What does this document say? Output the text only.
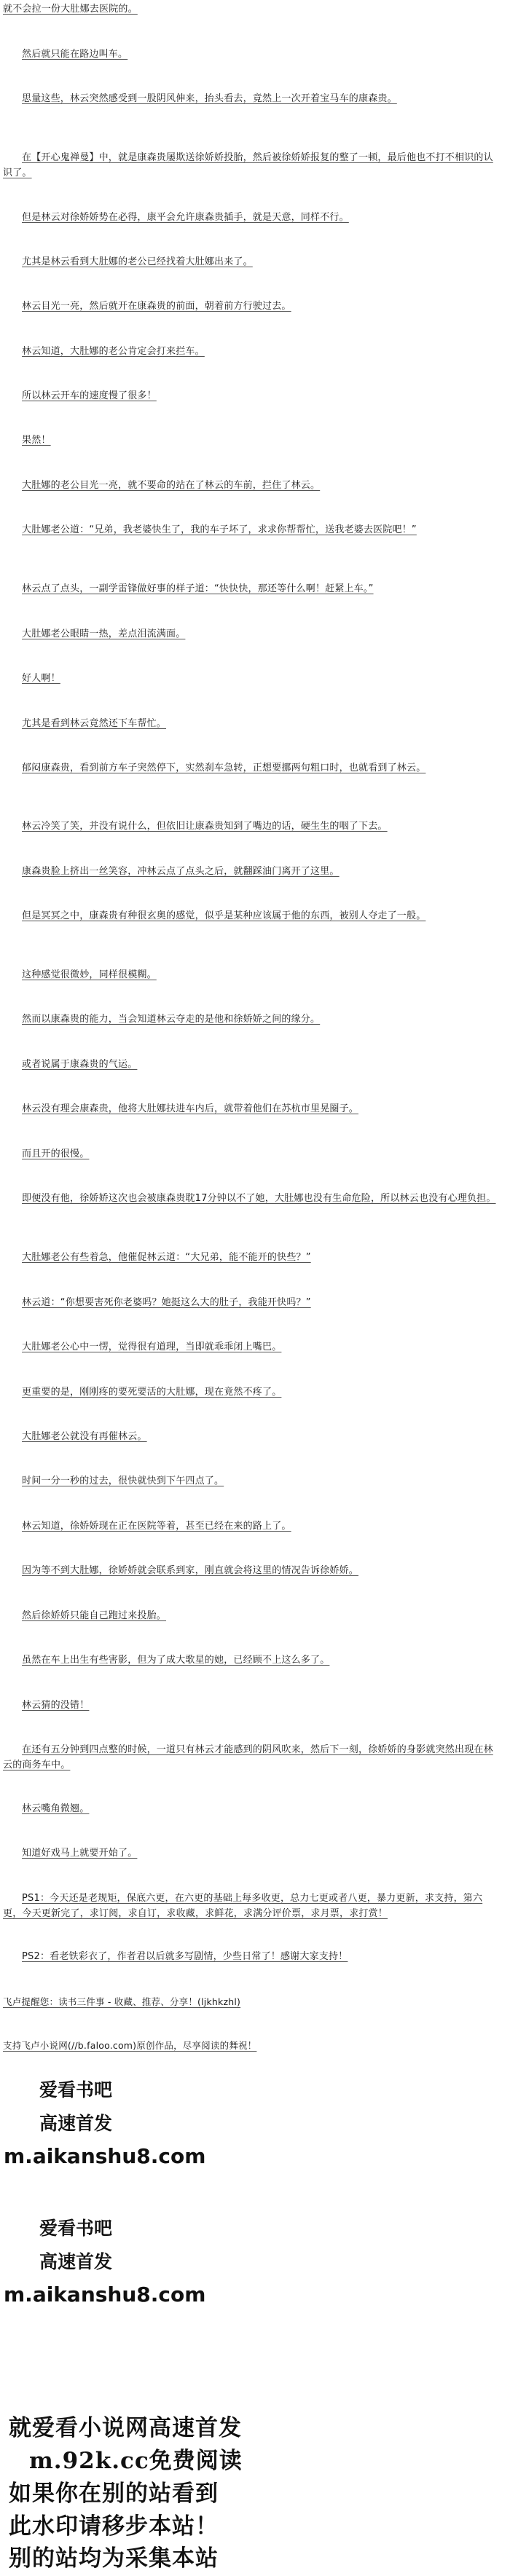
就不会拉一份大肚娜去医院的。

然后就只能在路边叫车。

思量这些，林云突然感受到一股阴风伸来，抬头看去，竟然上一次开着宝马车的康森贵。

在【开心鬼禅曼】中，就是康森贵屡欺送徐娇娇投胎，然后被徐娇娇报复的整了一顿，最后他也不打不相识的认识了。

但是林云对徐娇娇势在必得，康平会允许康森贵插手，就是天意，同样不行。

尤其是林云看到大肚娜的老公已经找着大肚娜出来了。

林云目光一亮，然后就开在康森贵的前面，朝着前方行驶过去。

林云知道，大肚娜的老公肯定会打来拦车。

所以林云开车的速度慢了很多！

果然！

大肚娜的老公目光一亮，就不要命的站在了林云的车前，拦住了林云。

大肚娜老公道：“兄弟，我老婆快生了，我的车子坏了，求求你帮帮忙，送我老婆去医院吧！”

林云点了点头，一副学雷锋做好事的样子道：“快快快，那还等什么啊！赶紧上车。”

大肚娜老公眼睛一热，差点泪流满面。

好人啊！

尤其是看到林云竟然还下车帮忙。

郁闷康森贵，看到前方车子突然停下，实然刹车急转，正想要挪两句粗口时，也就看到了林云。

林云冷笑了笑，并没有说什么，但依旧让康森贵知到了嘴边的话，硬生生的咽了下去。

康森贵脸上挤出一丝笑容，冲林云点了点头之后，就翻踩油门离开了这里。

但是冥冥之中，康森贵有种很玄奥的感觉，似乎是某种应该属于他的东西，被别人夺走了一般。

这种感觉很微妙，同样很模糊。

然而以康森贵的能力，当会知道林云夺走的是他和徐娇娇之间的缘分。

或者说属于康森贵的气运。

林云没有理会康森贵，他将大肚娜扶进车内后，就带着他们在苏杭市里晃圈子。

而且开的很慢。

即便没有他，徐娇娇这次也会被康森贵耽17分钟以不了她，大肚娜也没有生命危险，所以林云也没有心理负担。

大肚娜老公有些着急，他催促林云道：“大兄弟，能不能开的快些？”

林云道：“你想要害死你老婆吗？她挺这么大的肚子，我能开快吗？”

大肚娜老公心中一愣，觉得很有道理，当即就乖乖闭上嘴巴。

更重要的是，刚刚疼的要死要活的大肚娜，现在竟然不疼了。

大肚娜老公就没有再催林云。

时间一分一秒的过去，很快就快到下午四点了。

林云知道，徐娇娇现在正在医院等着，甚至已经在来的路上了。

因为等不到大肚娜，徐娇娇就会联系到家，刚直就会将这里的情况告诉徐娇娇。

然后徐娇娇只能自己跑过来投胎。

虽然在车上出生有些害影，但为了成大歌星的她，已经顾不上这么多了。

林云猜的没错！

在还有五分钟到四点整的时候，一道只有林云才能感到的阴风吹来，然后下一刻，徐娇娇的身影就突然出现在林云的商务车中。

林云嘴角微翘。

知道好戏马上就要开始了。

PS1：今天还是老规矩，保底六更，在六更的基础上每多收更，总力七更或者八更，暴力更新，求支持，第六更，今天更新完了，求订阅，求自订，求收藏，求鲜花，求满分评价票，求月票，求打赏！

PS2：看老铁彩衣了，作者君以后就多写剧情，少些日常了！感谢大家支持！

飞卢提醒您：读书三件事 - 收藏、推荐、分享！(ljkhkzhl)

支持飞卢小说网(//b.faloo.com)原创作品，尽享阅读的舞祝！

爱看书吧
高速首发
m.aikanshu8.com
爱看书吧
高速首发
m.aikanshu8.com
就爱看小说网高速首发
m.92k.cc免费阅读
如果你在别的站看到
此水印请移步本站！
别的站均为采集本站
